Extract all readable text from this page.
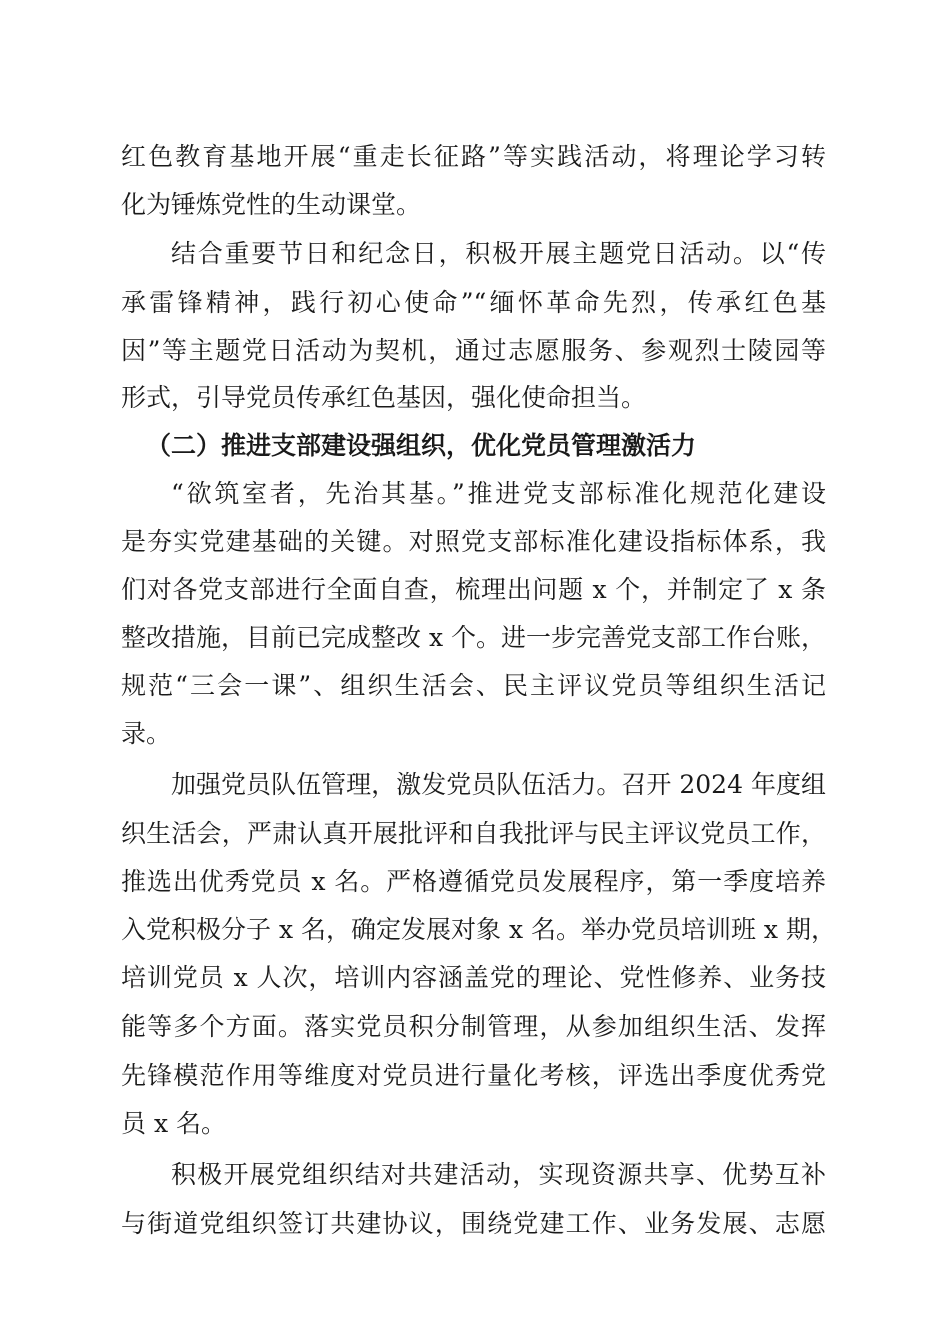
红色教育基地开展“重走长征路”等实践活动，将理论学习转
化为锤炼党性的生动课堂。
结合重要节日和纪念日，积极开展主题党日活动。以“传
承雷锋精神，践行初心使命”“缅怀革命先烈，传承红色基
因”等主题党日活动为契机，通过志愿服务、参观烈士陵园等
形式，引导党员传承红色基因，强化使命担当。
（二）推进支部建设强组织，优化党员管理激活力
“欲筑室者，先治其基。”推进党支部标准化规范化建设
是夯实党建基础的关键。对照党支部标准化建设指标体系，我
们对各党支部进行全面自查，梳理出问题 x 个，并制定了 x 条
整改措施，目前已完成整改 x 个。进一步完善党支部工作台账，
规范“三会一课”、组织生活会、民主评议党员等组织生活记
录。
加强党员队伍管理，激发党员队伍活力。召开 2024 年度组
织生活会，严肃认真开展批评和自我批评与民主评议党员工作，
推选出优秀党员 x 名。严格遵循党员发展程序，第一季度培养
入党积极分子 x 名，确定发展对象 x 名。举办党员培训班 x 期，
培训党员 x 人次，培训内容涵盖党的理论、党性修养、业务技
能等多个方面。落实党员积分制管理，从参加组织生活、发挥
先锋模范作用等维度对党员进行量化考核，评选出季度优秀党
员 x 名。
积极开展党组织结对共建活动，实现资源共享、优势互补
与街道党组织签订共建协议，围绕党建工作、业务发展、志愿
